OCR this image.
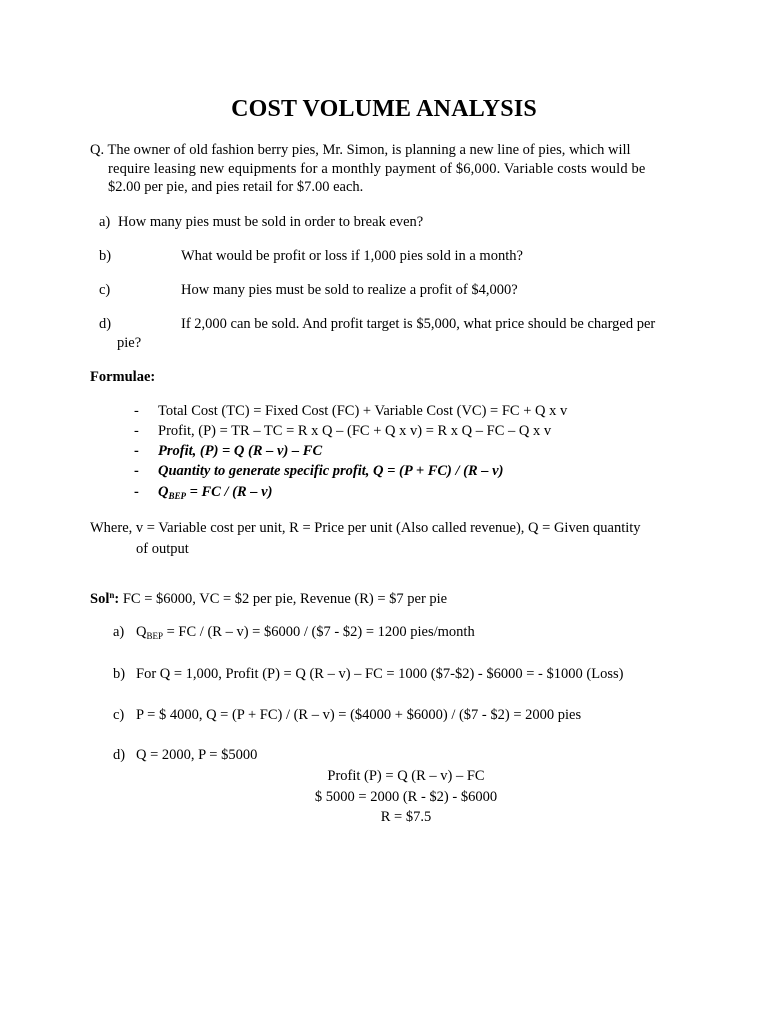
COST VOLUME ANALYSIS
Q. The owner of old fashion berry pies, Mr. Simon, is planning a new line of pies, which will
require leasing new equipments for a monthly payment of $6,000. Variable costs would be
$2.00 per pie, and pies retail for $7.00 each.
a) How many pies must be sold in order to break even?
b)	What would be profit or loss if 1,000 pies sold in a month?
c)	How many pies must be sold to realize a profit of $4,000?
d)	If 2,000 can be sold. And profit target is $5,000, what price should be charged per
pie?
Formulae:
- Total Cost (TC) = Fixed Cost (FC) + Variable Cost (VC) = FC + Q x v
- Profit, (P) = TR – TC = R x Q – (FC + Q x v) = R x Q – FC – Q x v
- Profit, (P) = Q (R – v) – FC
- Quantity to generate specific profit, Q = (P + FC) / (R – v)
- $Q_{BEP}$ = FC / (R – v)
Where, v = Variable cost per unit, R = Price per unit (Also called revenue), Q = Given quantity
of output
Sol$^n$: FC = $6000, VC = $2 per pie, Revenue (R) = $7 per pie
a) $Q_{BEP}$ = FC / (R – v) = $6000 / ($7 - $2) = 1200 pies/month
b) For Q = 1,000, Profit (P) = Q (R – v) – FC = 1000 ($7-$2) - $6000 = - $1000 (Loss)
c) P = $ 4000, Q = (P + FC) / (R – v) = ($4000 + $6000) / ($7 - $2) = 2000 pies
d) Q = 2000, P = $5000
Profit (P) = Q (R – v) – FC
$ 5000 = 2000 (R - $2) - $6000
R = $7.5
